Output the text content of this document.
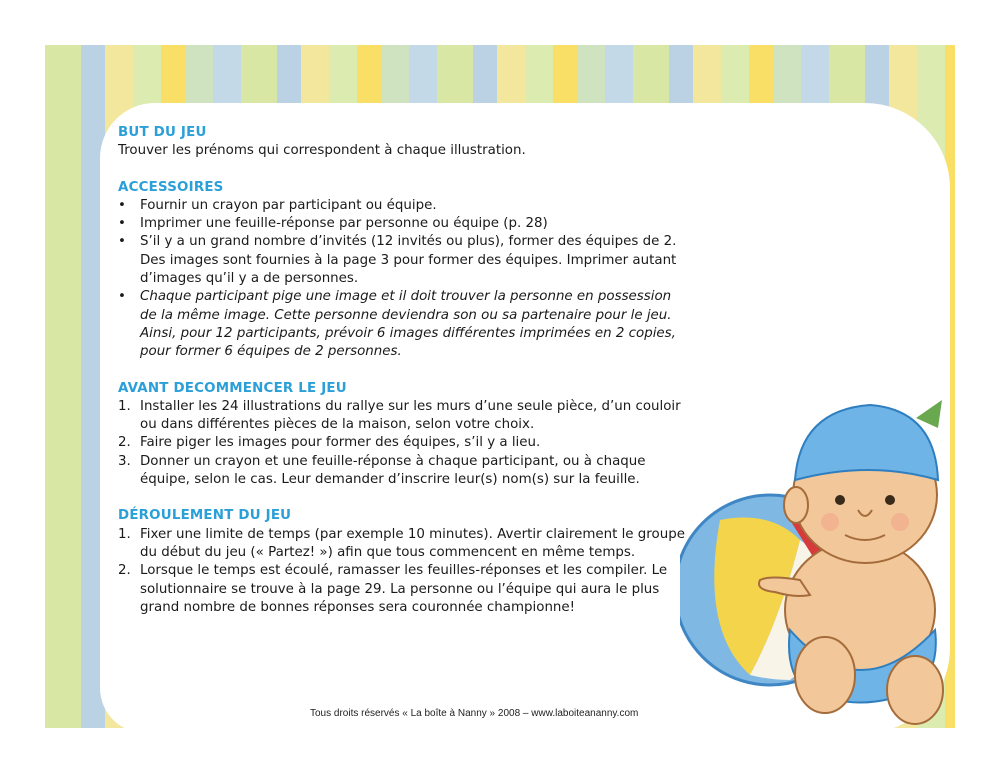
BUT DU JEU
Trouver les prénoms qui correspondent à chaque illustration.
ACCESSOIRES
• Fournir un crayon par participant ou équipe.
• Imprimer une feuille-réponse par personne ou équipe (p. 28)
• S’il y a un grand nombre d’invités (12 invités ou plus), former des équipes de 2. Des images sont fournies à la page 3 pour former des équipes. Imprimer autant d’images qu’il y a de personnes.
• Chaque participant pige une image et il doit trouver la personne en possession de la même image. Cette personne deviendra son ou sa partenaire pour le jeu. Ainsi, pour 12 participants, prévoir 6 images différentes imprimées en 2 copies, pour former 6 équipes de 2 personnes.
AVANT DECOMMENCER LE JEU
1. Installer les 24 illustrations du rallye sur les murs d’une seule pièce, d’un couloir ou dans différentes pièces de la maison, selon votre choix.
2. Faire piger les images pour former des équipes, s’il y a lieu.
3. Donner un crayon et une feuille-réponse à chaque participant, ou à chaque équipe, selon le cas. Leur demander d’inscrire leur(s) nom(s) sur la feuille.
DÉROULEMENT DU JEU
1. Fixer une limite de temps (par exemple 10 minutes). Avertir clairement le groupe du début du jeu (« Partez! ») afin que tous commencent en même temps.
2. Lorsque le temps est écoulé, ramasser les feuilles-réponses et les compiler. Le solutionnaire se trouve à la page 29. La personne ou l’équipe qui aura le plus grand nombre de bonnes réponses sera couronnée championne!
Tous droits réservés « La boîte à Nanny » 2008 – www.laboiteananny.com
